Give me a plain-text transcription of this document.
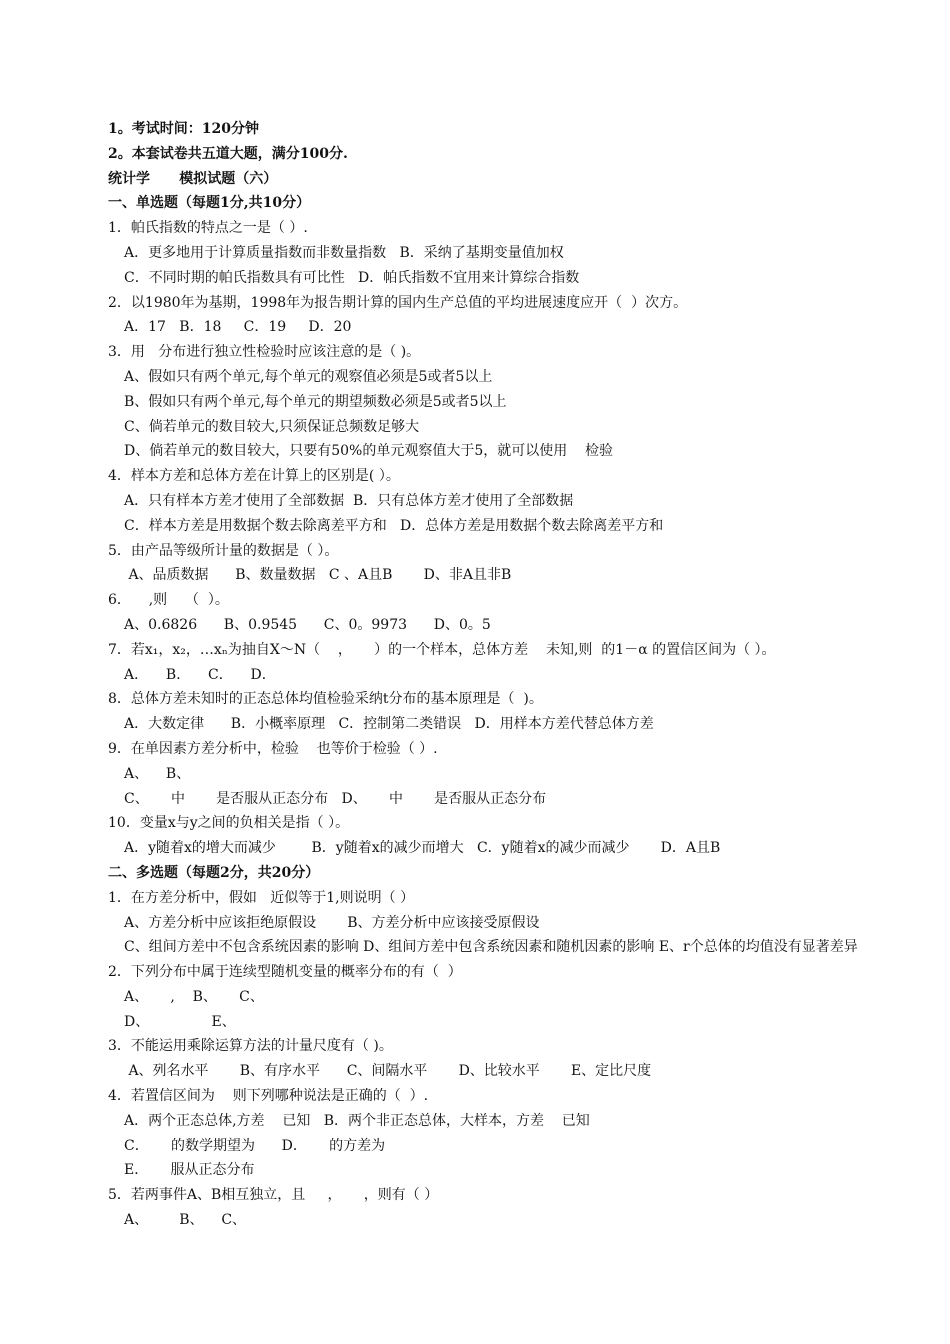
1。考试时间：120分钟
2。本套试卷共五道大题，满分100分.
统计学      模拟试题（六）
一、单选题（每题1分,共10分）
1．帕氏指数的特点之一是（ ）.
A．更多地用于计算质量指数而非数量指数   B．采纳了基期变量值加权
C．不同时期的帕氏指数具有可比性   D．帕氏指数不宜用来计算综合指数
2．以1980年为基期，1998年为报告期计算的国内生产总值的平均进展速度应开（  ）次方。
A．17   B．18     C．19     D．20
3．用   分布进行独立性检验时应该注意的是（ )。
A、假如只有两个单元,每个单元的观察值必须是5或者5以上
B、假如只有两个单元,每个单元的期望频数必须是5或者5以上
C、倘若单元的数目较大,只须保证总频数足够大
D、倘若单元的数目较大，只要有50%的单元观察值大于5，就可以使用    检验
4．样本方差和总体方差在计算上的区别是( ）。
A．只有样本方差才使用了全部数据  B．只有总体方差才使用了全部数据
C．样本方差是用数据个数去除离差平方和   D．总体方差是用数据个数去除离差平方和
5．由产品等级所计量的数据是（ ）。
A、品质数据      B、数量数据   C 、A且B       D、非A且非B
6．    ,则    （  ）。
A、0.6826      B、0.9545      C、0。9973      D、0。5
7．若x₁，x₂，…xₙ为抽自X～N（    ，     ）的一个样本，总体方差    未知,则  的1－α 的置信区间为（ ）。
A．    B．    C．    D．
8．总体方差未知时的正态总体均值检验采纳t分布的基本原理是（  )。
A．大数定律      B．小概率原理   C．控制第二类错误   D．用样本方差代替总体方差
9．在单因素方差分析中，检验    也等价于检验（ ）.
A、    B、
C、     中       是否服从正态分布   D、     中       是否服从正态分布
10．变量x与y之间的负相关是指（ ）。
A．y随着x的增大而减少        B．y随着x的减少而增大   C．y随着x的减少而减少       D．A且B
二、多选题（每题2分，共20分）
1．在方差分析中，假如   近似等于1,则说明（ ）
A、方差分析中应该拒绝原假设       B、方差分析中应该接受原假设
C、组间方差中不包含系统因素的影响 D、组间方差中包含系统因素和随机因素的影响 E、r个总体的均值没有显著差异
2．下列分布中属于连续型随机变量的概率分布的有（  ）
A、     ,    B、     C、
D、              E、
3．不能运用乘除运算方法的计量尺度有（ )。
A、列名水平       B、有序水平      C、间隔水平       D、比较水平       E、定比尺度
4．若置信区间为    则下列哪种说法是正确的（  ）.
A．两个正态总体,方差    已知   B．两个非正态总体，大样本，方差    已知
C．     的数学期望为      D．     的方差为
E．     服从正态分布
5．若两事件A、B相互独立，且     ，     ，则有（ ）
A、       B、    C、
